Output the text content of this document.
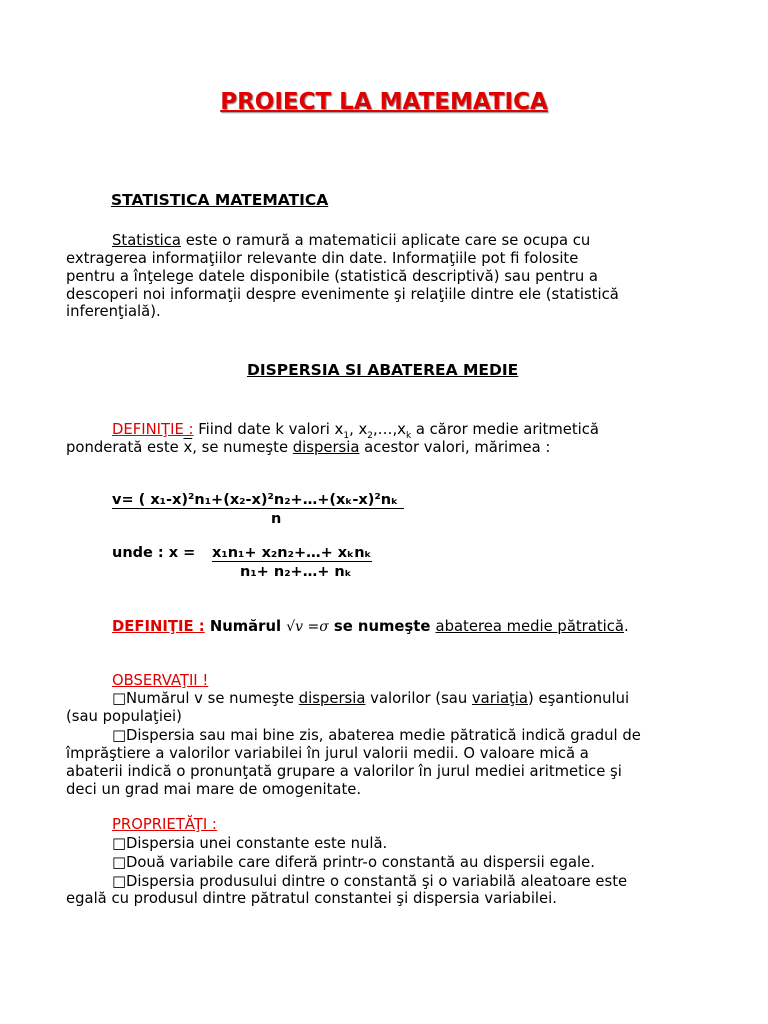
PROIECT LA MATEMATICA
STATISTICA MATEMATICA
Statistica este o ramură a matematicii aplicate care se ocupa cu
extragerea informaţiilor relevante din date. Informaţiile pot fi folosite
pentru a înţelege datele disponibile (statistică descriptivă) sau pentru a
descoperi noi informaţii despre evenimente şi relaţiile dintre ele (statistică
inferenţială).
DISPERSIA SI ABATEREA MEDIE
DEFINIŢIE : Fiind date k valori $x_1$, $x_2,\dots,x_k$ a căror medie aritmetică
ponderată este $\overline{x}$, se numeşte dispersia acestor valori, mărimea :
v= ( x₁-x)²n₁+(x₂-x)²n₂+…+(xₖ-x)²nₖ
n
unde : x = x₁n₁+ x₂n₂+…+ xₖnₖ
n₁+ n₂+…+ nₖ
DEFINIŢIE : Numărul √v =σ se numeşte abaterea medie pătratică.
OBSERVAŢII !
□Numărul v se numeşte dispersia valorilor (sau variaţia) eşantionului
(sau populaţiei)
□Dispersia sau mai bine zis, abaterea medie pătratică indică gradul de
împrăştiere a valorilor variabilei în jurul valorii medii. O valoare mică a
abaterii indică o pronunţată grupare a valorilor în jurul mediei aritmetice şi
deci un grad mai mare de omogenitate.
PROPRIETĂŢI :
□Dispersia unei constante este nulă.
□Două variabile care diferă printr-o constantă au dispersii egale.
□Dispersia produsului dintre o constantă şi o variabilă aleatoare este
egală cu produsul dintre pătratul constantei şi dispersia variabilei.
